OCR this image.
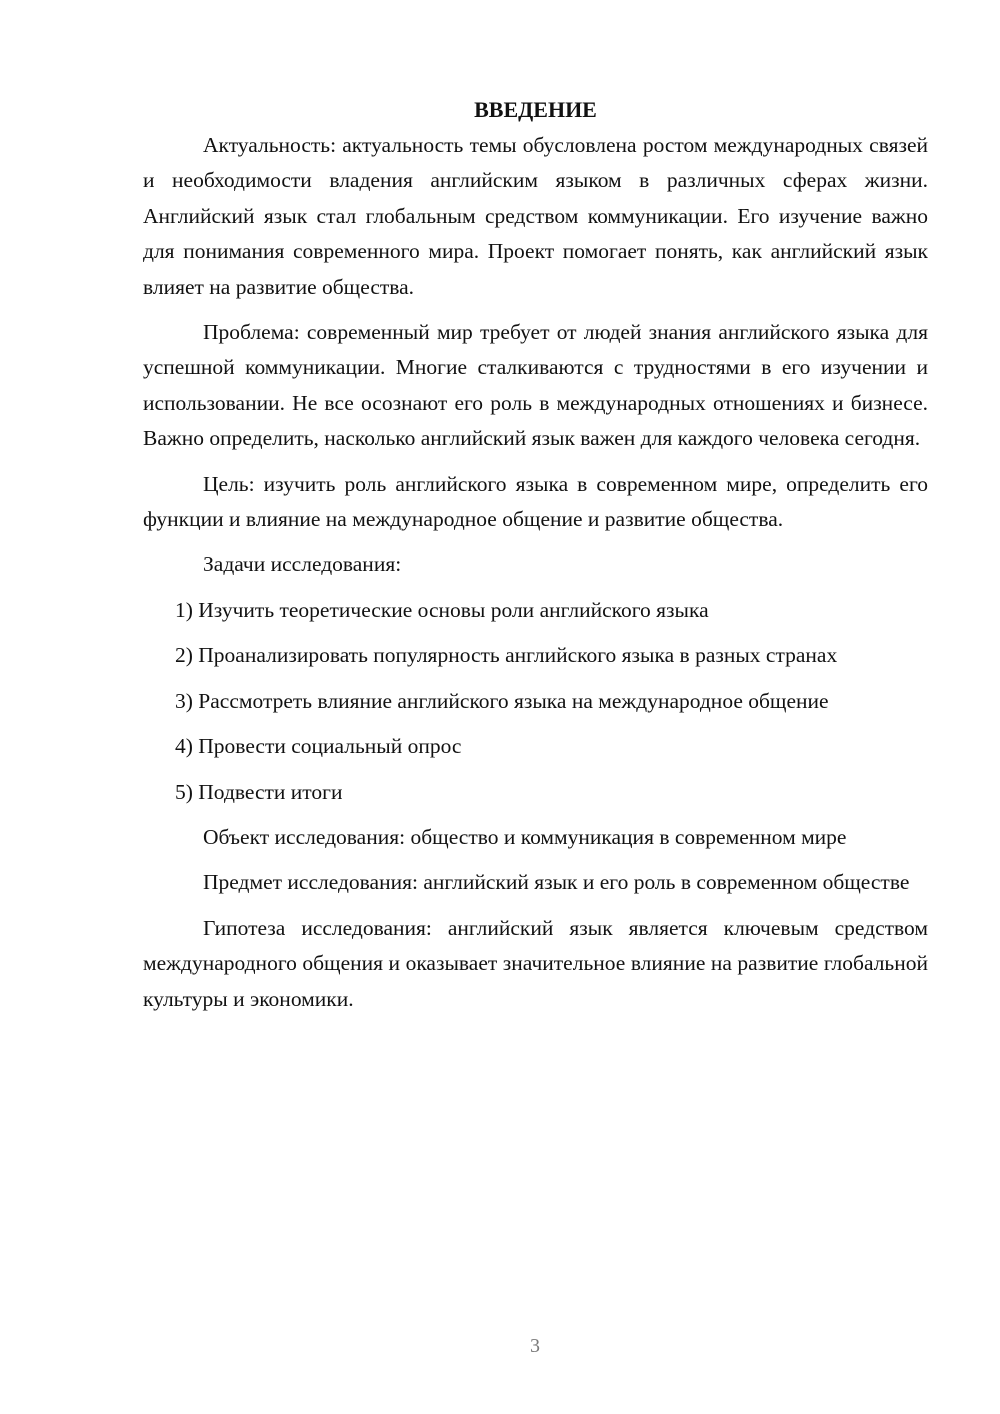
ВВЕДЕНИЕ

Актуальность: актуальность темы обусловлена ростом международных связей и необходимости владения английским языком в различных сферах жизни. Английский язык стал глобальным средством коммуникации. Его изучение важно для понимания современного мира. Проект помогает понять, как английский язык влияет на развитие общества.

Проблема: современный мир требует от людей знания английского языка для успешной коммуникации. Многие сталкиваются с трудностями в его изучении и использовании. Не все осознают его роль в международных отношениях и бизнесе. Важно определить, насколько английский язык важен для каждого человека сегодня.

Цель: изучить роль английского языка в современном мире, определить его функции и влияние на международное общение и развитие общества.

Задачи исследования:

1) Изучить теоретические основы роли английского языка

2) Проанализировать популярность английского языка в разных странах

3) Рассмотреть влияние английского языка на международное общение

4) Провести социальный опрос

5) Подвести итоги

Объект исследования: общество и коммуникация в современном мире

Предмет исследования: английский язык и его роль в современном обществе

Гипотеза исследования: английский язык является ключевым средством международного общения и оказывает значительное влияние на развитие глобальной культуры и экономики.

3
